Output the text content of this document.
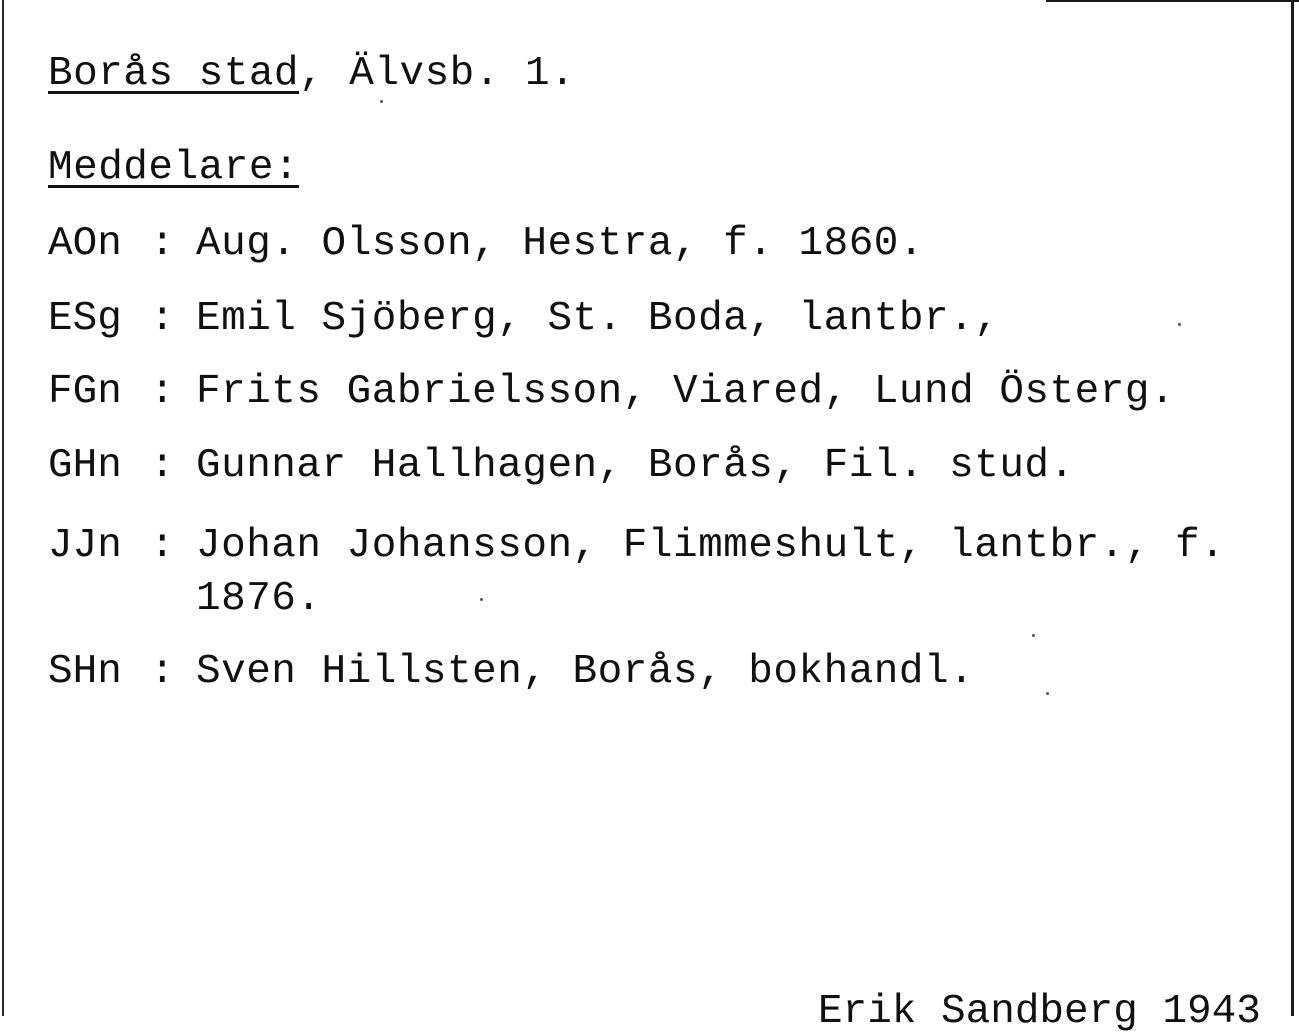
Borås stad, Älvsb. 1.
Meddelare:
AOn : Aug. Olsson, Hestra, f. 1860.
ESg : Emil Sjöberg, St. Boda, lantbr.,
FGn : Frits Gabrielsson, Viared, Lund Österg.
GHn : Gunnar Hallhagen, Borås, Fil. stud.
JJn : Johan Johansson, Flimmeshult, lantbr., f.
1876.
SHn : Sven Hillsten, Borås, bokhandl.
Erik Sandberg 1943
